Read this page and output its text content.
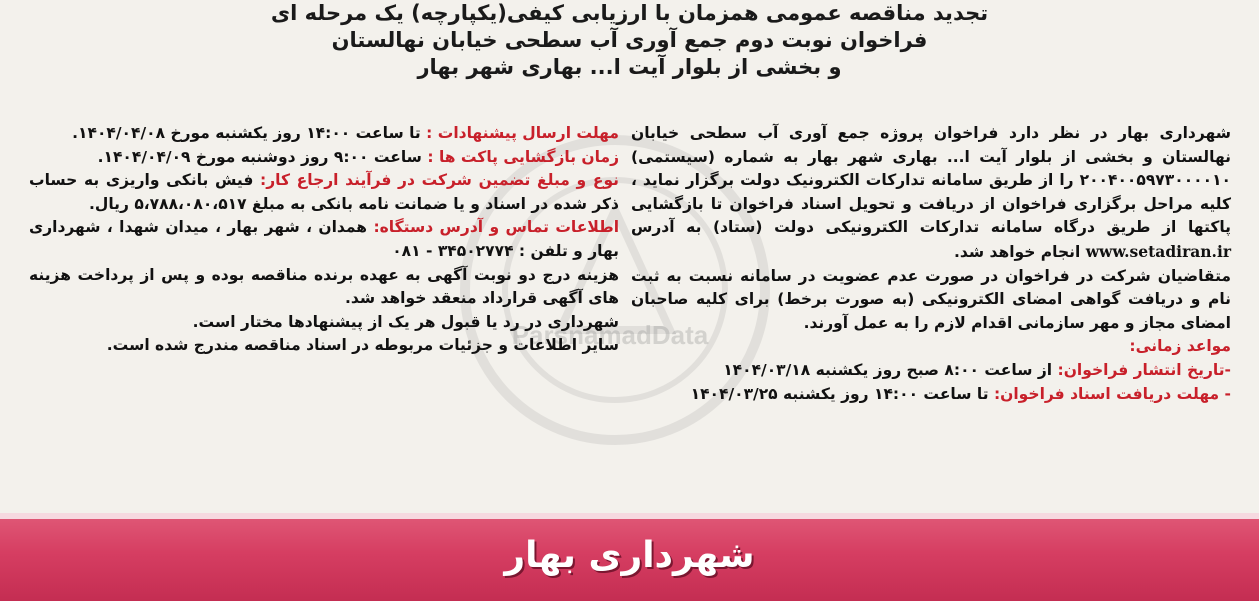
ParsnamadData
تجدید مناقصه عمومی همزمان با ارزیابی کیفی(یکپارچه) یک مرحله ای
فراخوان نوبت دوم جمع آوری آب سطحی خیابان نهالستان
و بخشی از بلوار آیت ا... بهاری شهر بهار

شهرداری بهار در نظر دارد فراخوان پروژه جمع آوری آب سطحی خیابان نهالستان و بخشی از بلوار آیت ا... بهاری شهر بهار به شماره (سیستمی) ۲۰۰۴۰۰۵۹۷۳۰۰۰۰۱۰ را از طریق سامانه تدارکات الکترونیک دولت برگزار نماید ، کلیه مراحل برگزاری فراخوان از دریافت و تحویل اسناد فراخوان تا بازگشایی پاکتها از طریق درگاه سامانه تدارکات الکترونیکی دولت (ستاد) به آدرس www.setadiran.ir انجام خواهد شد.

متقاضیان شرکت در فراخوان در صورت عدم عضویت در سامانه نسبت به ثبت نام و دریافت گواهی امضای الکترونیکی (به صورت برخط) برای کلیه صاحبان امضای مجاز و مهر سازمانی اقدام لازم را به عمل آورند.

مواعد زمانی:

-تاریخ انتشار فراخوان: از ساعت ۸:۰۰ صبح روز یکشنبه ۱۴۰۴/۰۳/۱۸

- مهلت دریافت اسناد فراخوان: تا ساعت ۱۴:۰۰ روز یکشنبه ۱۴۰۴/۰۳/۲۵

مهلت ارسال پیشنهادات : تا ساعت ۱۴:۰۰ روز یکشنبه مورخ ۱۴۰۴/۰۴/۰۸.

زمان بازگشایی پاکت ها : ساعت ۹:۰۰ روز دوشنبه مورخ ۱۴۰۴/۰۴/۰۹.

نوع و مبلغ تضمین شرکت در فرآیند ارجاع کار: فیش بانکی واریزی به حساب ذکر شده در اسناد و یا ضمانت نامه بانکی به مبلغ ۵،۷۸۸،۰۸۰،۵۱۷ ریال.

اطلاعات تماس و آدرس دستگاه: همدان ، شهر بهار ، میدان شهدا ، شهرداری بهار و تلفن : ۳۴۵۰۲۷۷۴ - ۰۸۱

هزینه درج دو نوبت آگهی به عهده برنده مناقصه بوده و پس از پرداخت هزینه های آگهی قرارداد منعقد خواهد شد.

شهرداری در رد یا قبول هر یک از پیشنهادها مختار است.

سایر اطلاعات و جزئیات مربوطه در اسناد مناقصه مندرج شده است.

شهرداری بهار
